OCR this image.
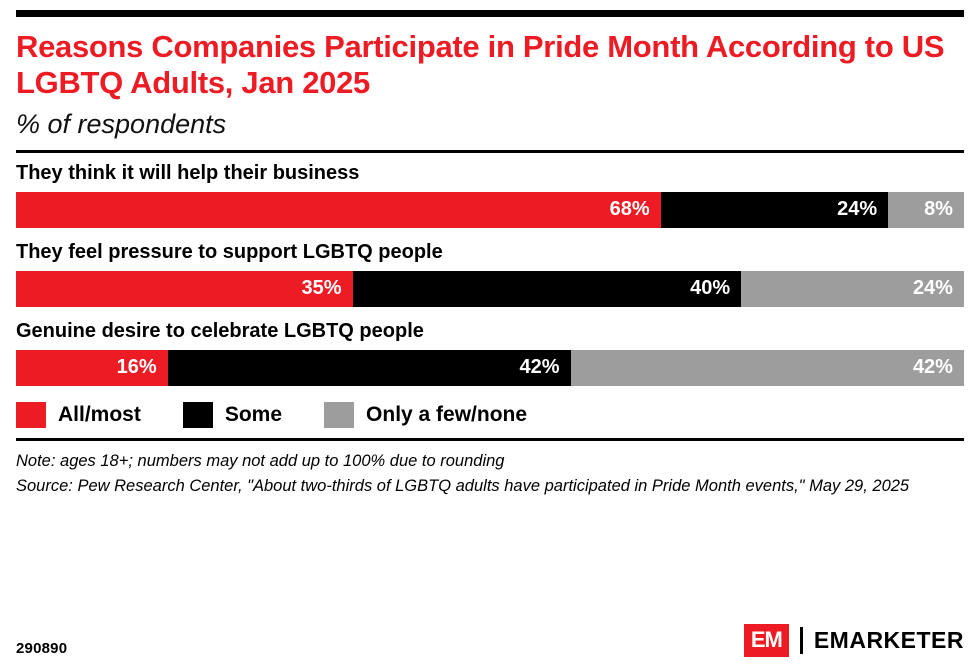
Reasons Companies Participate in Pride Month According to US LGBTQ Adults, Jan 2025
% of respondents
They think it will help their business
68%	24%	8%
They feel pressure to support LGBTQ people
35%	40%	24%
Genuine desire to celebrate LGBTQ people
16%	42%	42%
All/most	Some	Only a few/none
Note: ages 18+; numbers may not add up to 100% due to rounding
Source: Pew Research Center, "About two-thirds of LGBTQ adults have participated in Pride Month events," May 29, 2025
290890	EM	EMARKETER
